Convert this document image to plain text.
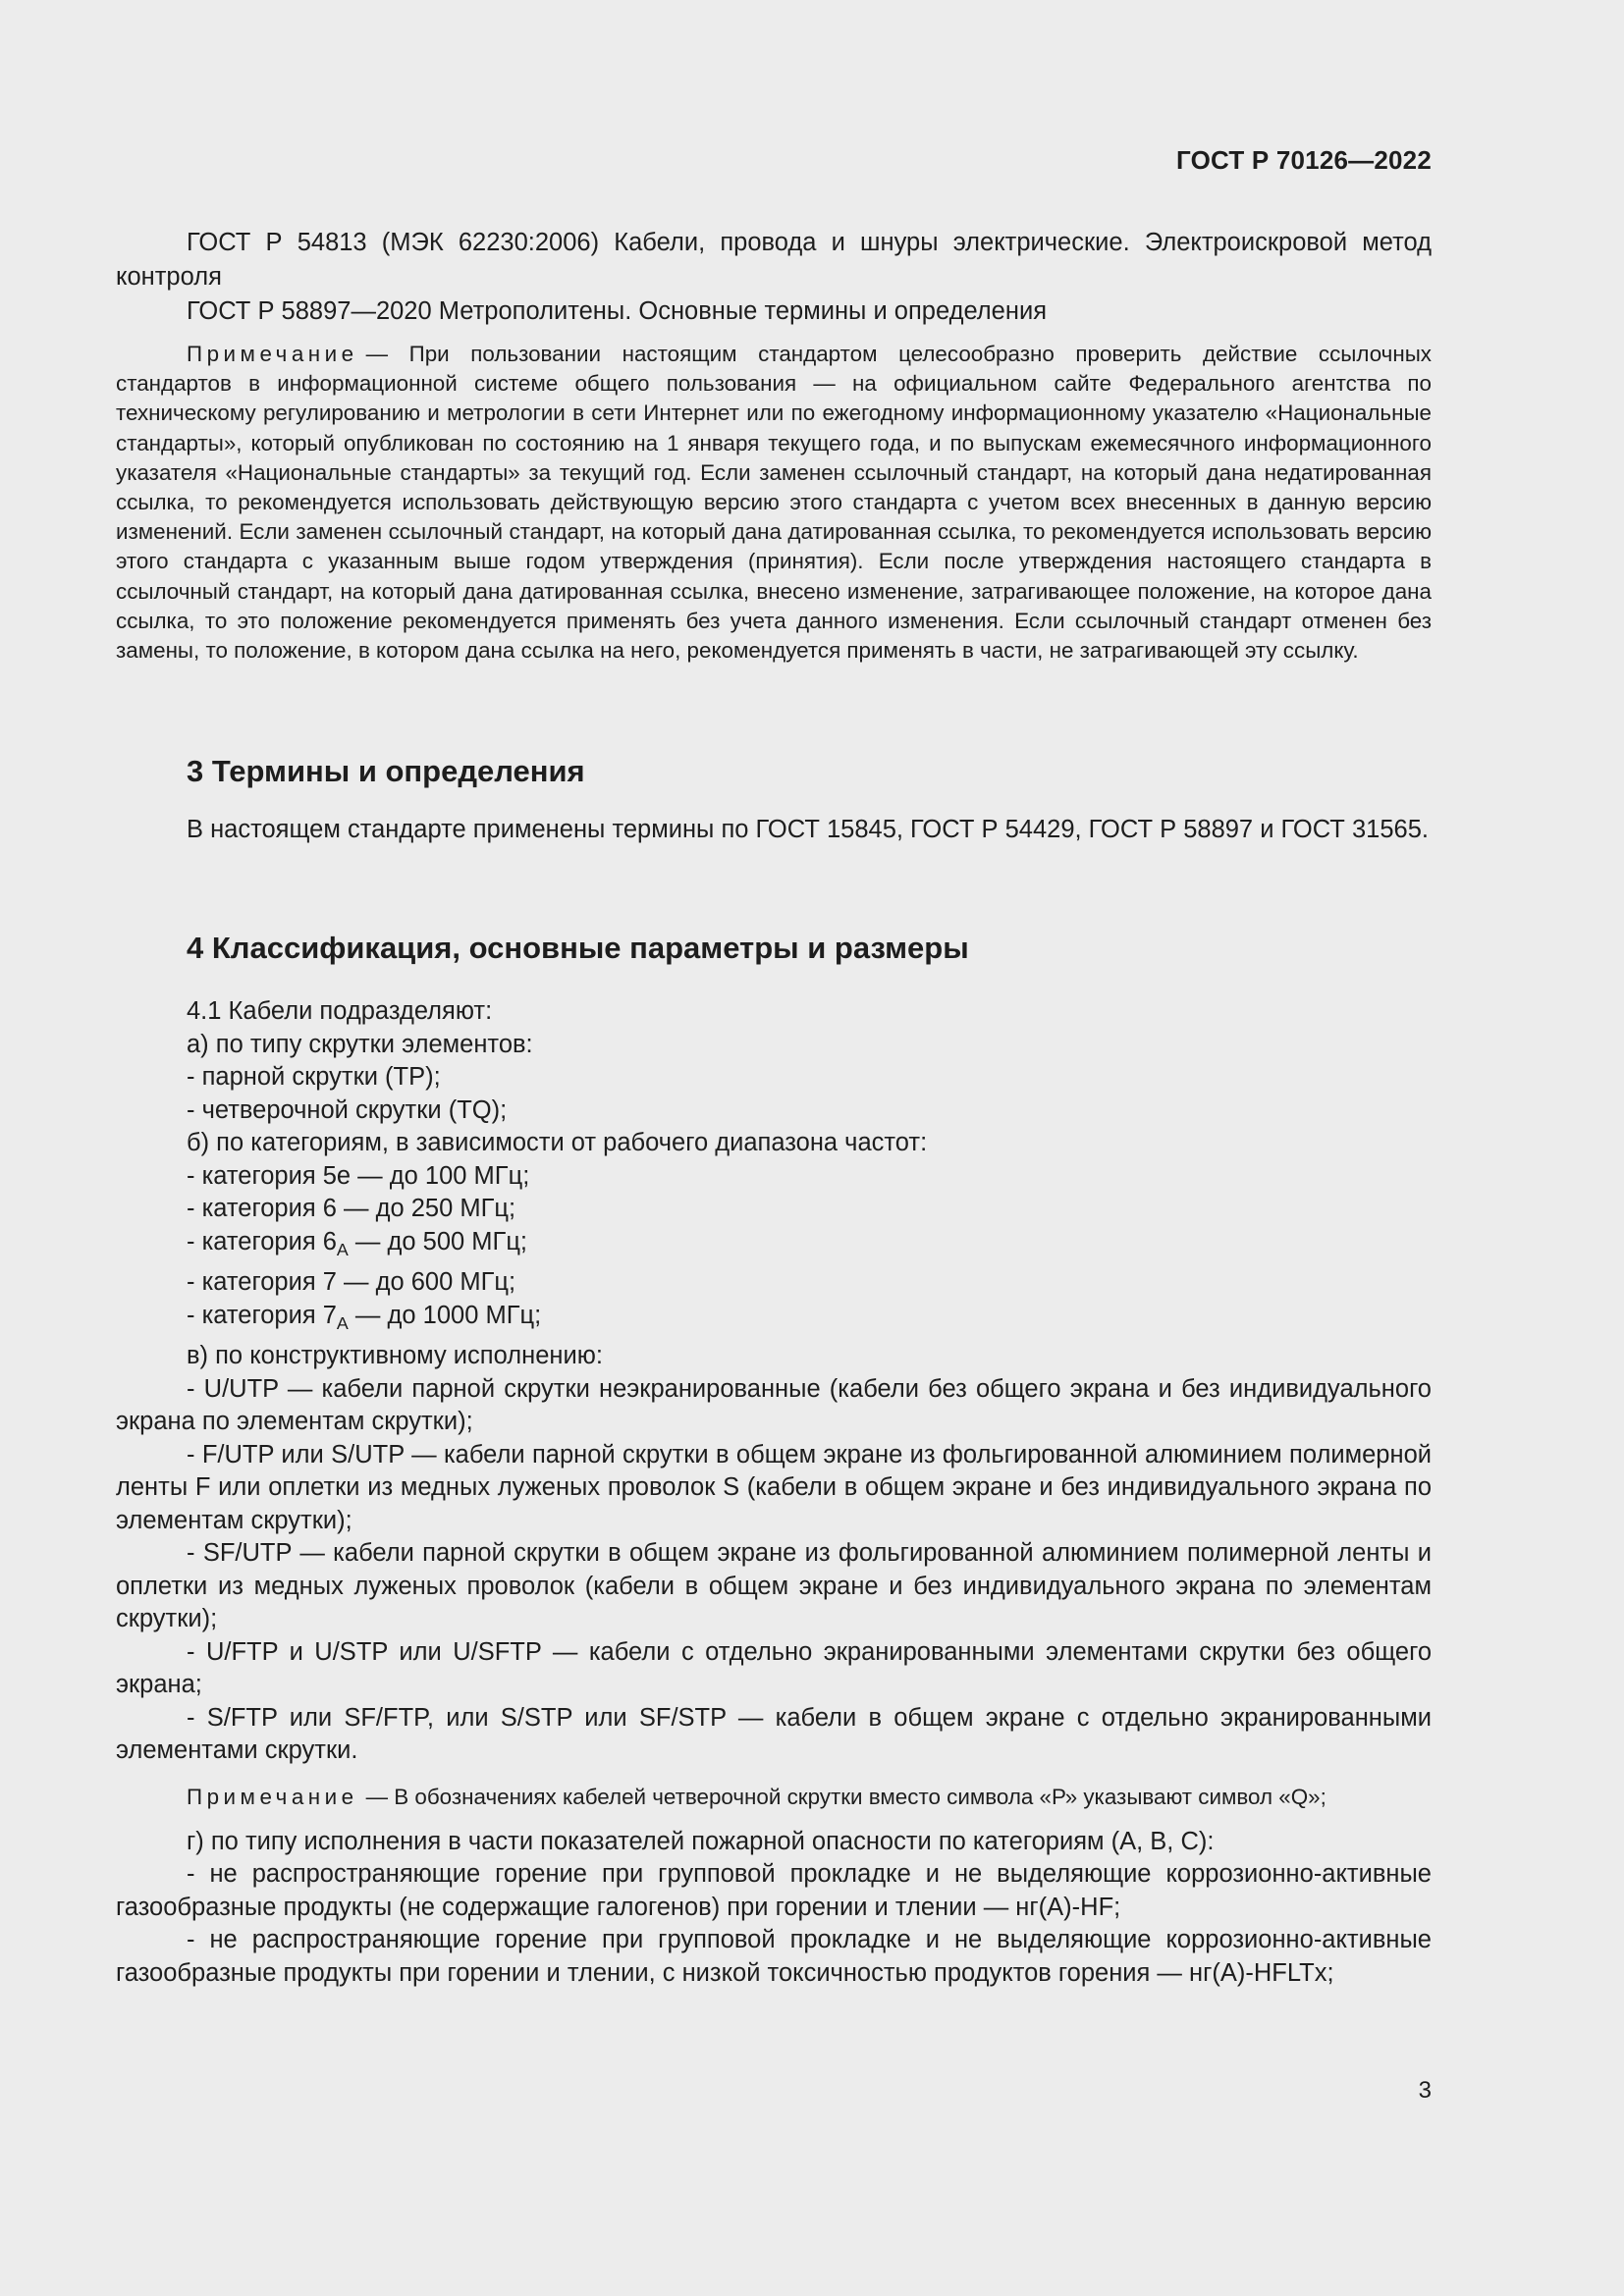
ГОСТ Р 70126—2022

ГОСТ Р 54813 (МЭК 62230:2006) Кабели, провода и шнуры электрические. Электроискровой метод контроля

ГОСТ Р 58897—2020 Метрополитены. Основные термины и определения

Примечание — При пользовании настоящим стандартом целесообразно проверить действие ссылочных стандартов в информационной системе общего пользования — на официальном сайте Федерального агентства по техническому регулированию и метрологии в сети Интернет или по ежегодному информационному указателю «Национальные стандарты», который опубликован по состоянию на 1 января текущего года, и по выпускам ежемесячного информационного указателя «Национальные стандарты» за текущий год. Если заменен ссылочный стандарт, на который дана недатированная ссылка, то рекомендуется использовать действующую версию этого стандарта с учетом всех внесенных в данную версию изменений. Если заменен ссылочный стандарт, на который дана датированная ссылка, то рекомендуется использовать версию этого стандарта с указанным выше годом утверждения (принятия). Если после утверждения настоящего стандарта в ссылочный стандарт, на который дана датированная ссылка, внесено изменение, затрагивающее положение, на которое дана ссылка, то это положение рекомендуется применять без учета данного изменения. Если ссылочный стандарт отменен без замены, то положение, в котором дана ссылка на него, рекомендуется применять в части, не затрагивающей эту ссылку.

3 Термины и определения

В настоящем стандарте применены термины по ГОСТ 15845, ГОСТ Р 54429, ГОСТ Р 58897 и ГОСТ 31565.

4 Классификация, основные параметры и размеры

4.1 Кабели подразделяют:

а) по типу скрутки элементов:

- парной скрутки (ТР);

- четверочной скрутки (TQ);

б) по категориям, в зависимости от рабочего диапазона частот:

- категория 5е — до 100 МГц;

- категория 6 — до 250 МГц;

- категория $6_А$ — до 500 МГц;

- категория 7 — до 600 МГц;

- категория $7_А$ — до 1000 МГц;

в) по конструктивному исполнению:

- U/UTP — кабели парной скрутки неэкранированные (кабели без общего экрана и без индивидуального экрана по элементам скрутки);

- F/UTP или S/UTP — кабели парной скрутки в общем экране из фольгированной алюминием полимерной ленты F или оплетки из медных луженых проволок S (кабели в общем экране и без индивидуального экрана по элементам скрутки);

- SF/UTP — кабели парной скрутки в общем экране из фольгированной алюминием полимерной ленты и оплетки из медных луженых проволок (кабели в общем экране и без индивидуального экрана по элементам скрутки);

- U/FTP и U/STP или U/SFTP — кабели с отдельно экранированными элементами скрутки без общего экрана;

- S/FTP или SF/FTP, или S/STP или SF/STP — кабели в общем экране с отдельно экранированными элементами скрутки.

Примечание — В обозначениях кабелей четверочной скрутки вместо символа «Р» указывают символ «Q»;

г) по типу исполнения в части показателей пожарной опасности по категориям (А, В, С):

- не распространяющие горение при групповой прокладке и не выделяющие коррозионно-активные газообразные продукты (не содержащие галогенов) при горении и тлении — нг(А)-HF;

- не распространяющие горение при групповой прокладке и не выделяющие коррозионно-активные газообразные продукты при горении и тлении, с низкой токсичностью продуктов горения — нг(А)-HFLTx;

3
